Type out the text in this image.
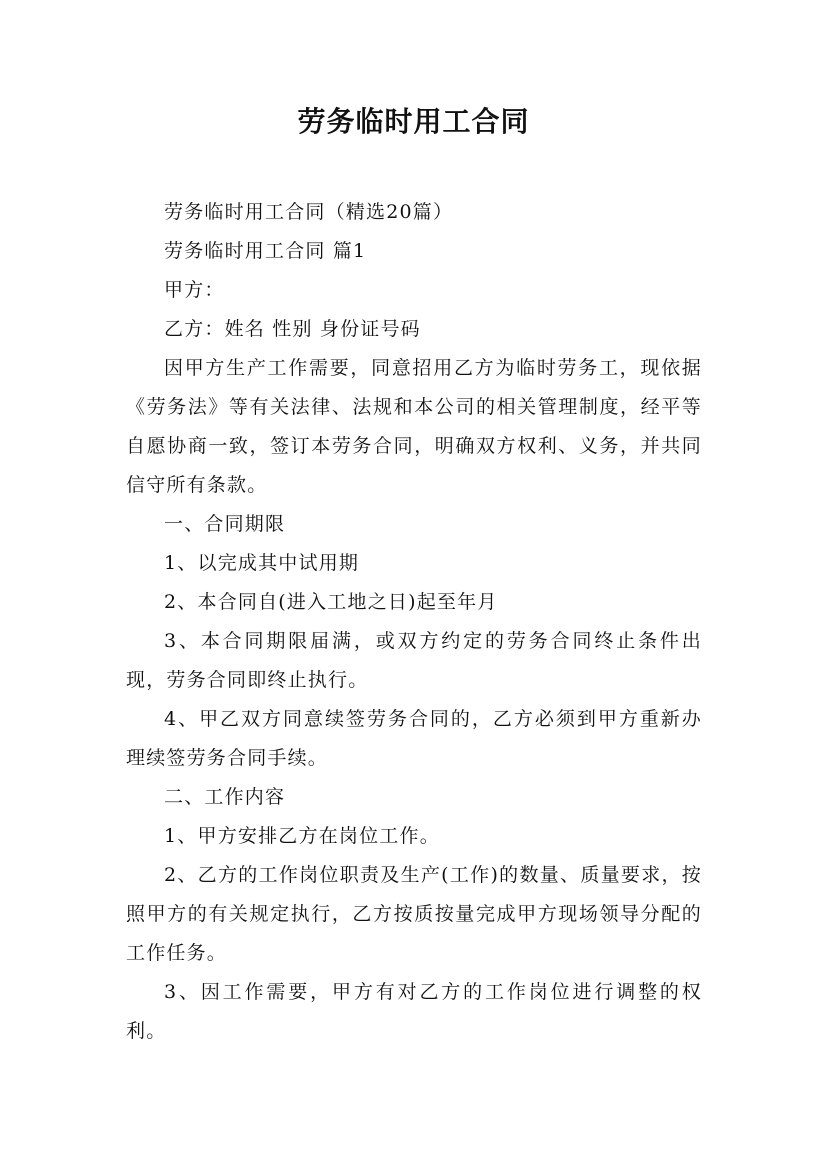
劳务临时用工合同

劳务临时用工合同（精选20篇）

劳务临时用工合同 篇1

甲方：

乙方：姓名 性别 身份证号码

因甲方生产工作需要，同意招用乙方为临时劳务工，现依据《劳务法》等有关法律、法规和本公司的相关管理制度，经平等自愿协商一致，签订本劳务合同，明确双方权利、义务，并共同信守所有条款。

一、合同期限

1、以完成其中试用期

2、本合同自(进入工地之日)起至年月

3、本合同期限届满，或双方约定的劳务合同终止条件出现，劳务合同即终止执行。

4、甲乙双方同意续签劳务合同的，乙方必须到甲方重新办理续签劳务合同手续。

二、工作内容

1、甲方安排乙方在岗位工作。

2、乙方的工作岗位职责及生产(工作)的数量、质量要求，按照甲方的有关规定执行，乙方按质按量完成甲方现场领导分配的工作任务。

3、因工作需要，甲方有对乙方的工作岗位进行调整的权利。
